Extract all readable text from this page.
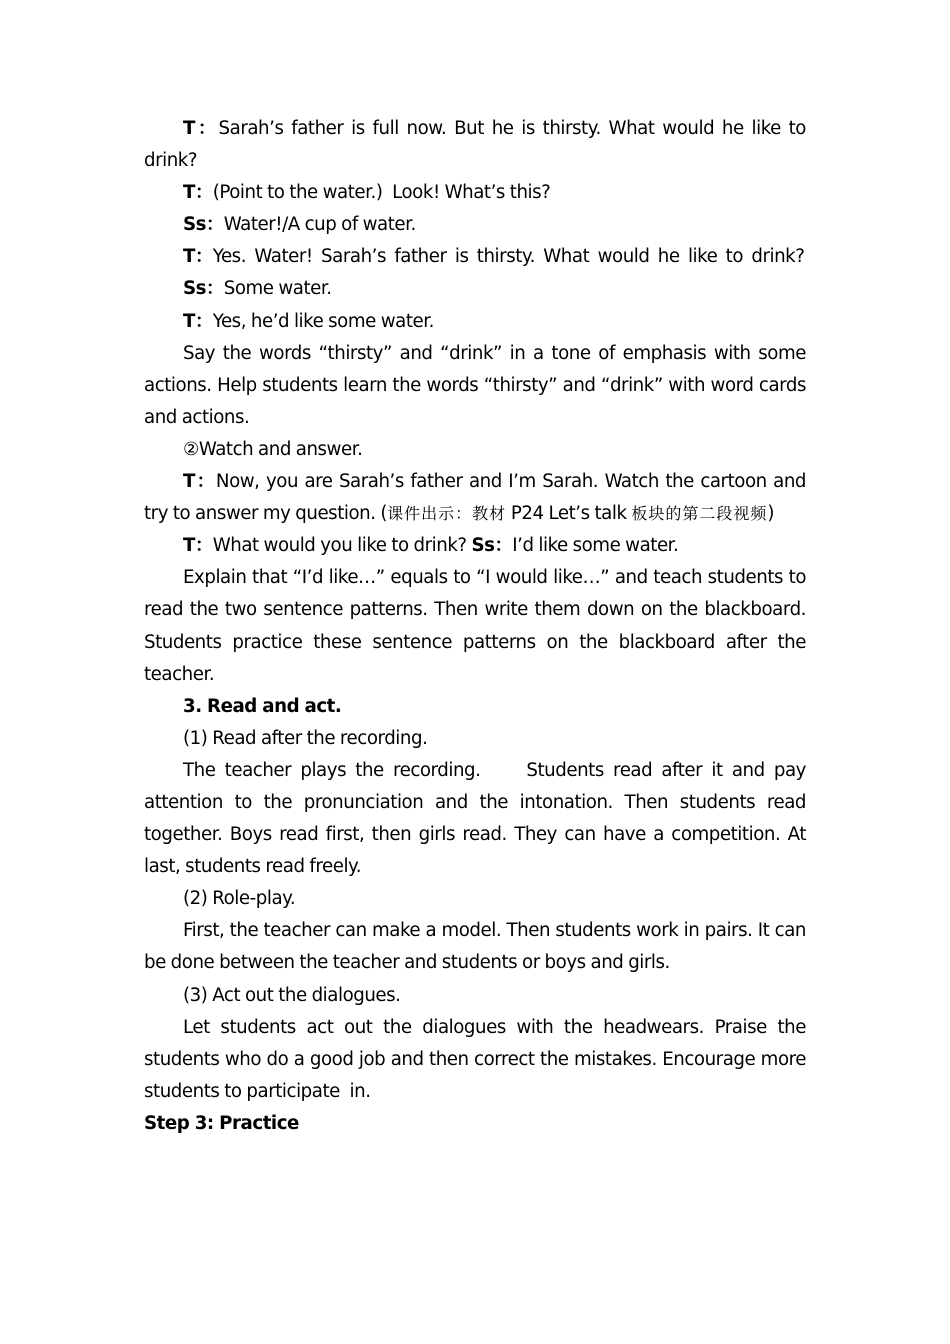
T：Sarah’s father is full now. But he is thirsty. What would he like to drink?

T：(Point to the water.)  Look! What’s this?

Ss：Water!/A cup of water.

T：Yes. Water! Sarah’s father is thirsty. What would he like to drink?

Ss：Some water.

T：Yes, he’d like some water.

Say the words “thirsty” and “drink” in a tone of emphasis with some actions. Help students learn the words “thirsty” and “drink” with word cards and actions.

②Watch and answer.

T：Now, you are Sarah’s father and I’m Sarah. Watch the cartoon and try to answer my question. (课件出示：教材 P24 Let’s talk 板块的第二段视频)

T：What would you like to drink? Ss：I’d like some water.

Explain that “I’d like…” equals to “I would like…” and teach students to read the two sentence patterns. Then write them down on the blackboard. Students practice these sentence patterns on the blackboard after the teacher.

3. Read and act.

(1) Read after the recording.

The teacher plays the recording.     Students read after it and pay attention to the pronunciation and the intonation. Then students read together. Boys read first, then girls read. They can have a competition. At last, students read freely.

(2) Role-play.

First, the teacher can make a model. Then students work in pairs. It can be done between the teacher and students or boys and girls.

(3) Act out the dialogues.

Let students act out the dialogues with the headwears. Praise the students who do a good job and then correct the mistakes. Encourage more students to participate  in.

Step 3: Practice
